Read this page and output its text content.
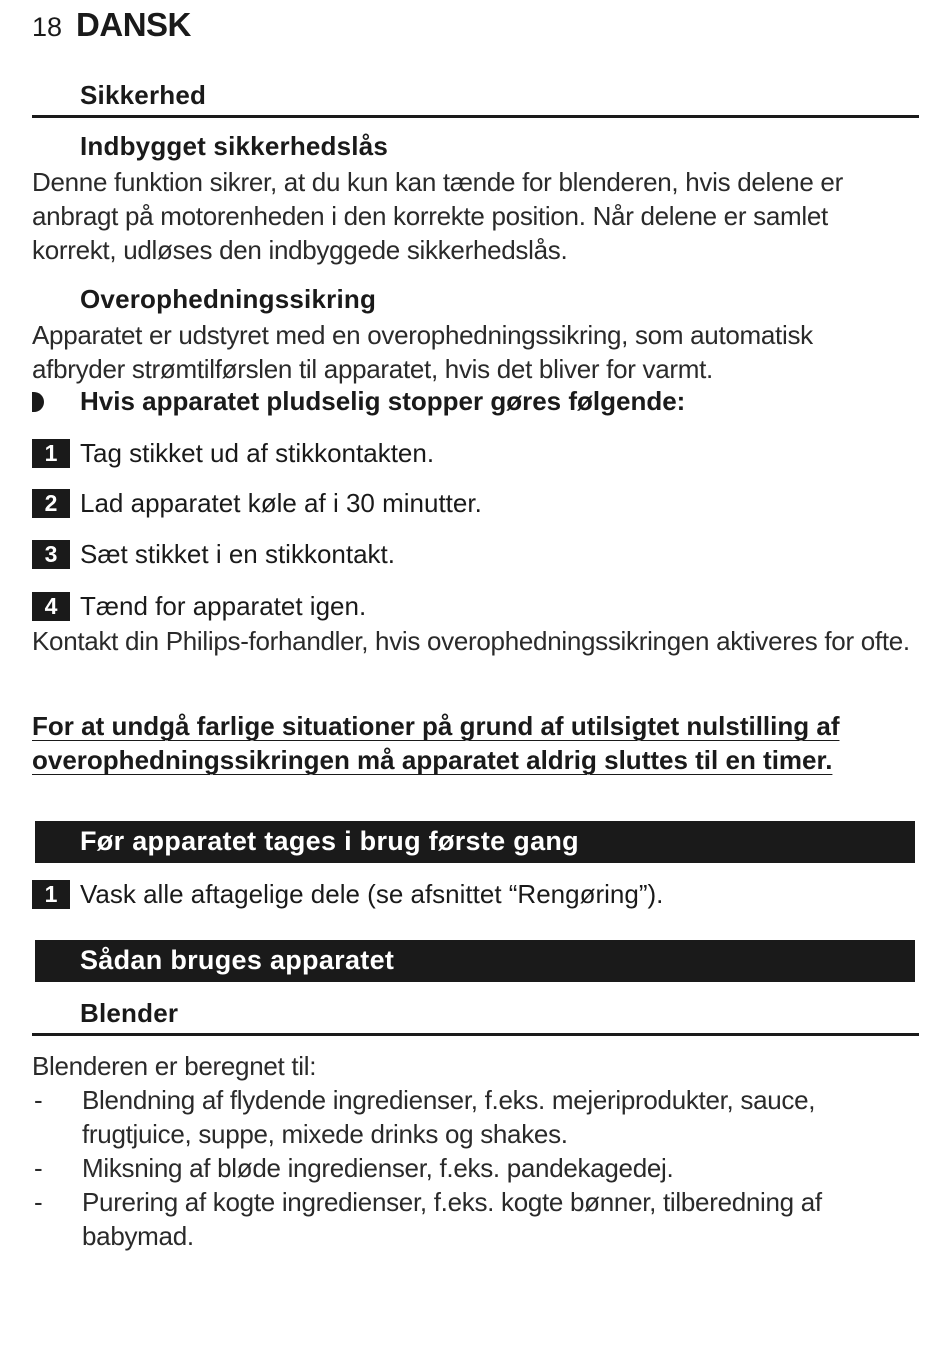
18 DANSK
Sikkerhed
Indbygget sikkerhedslås
Denne funktion sikrer, at du kun kan tænde for blenderen, hvis delene er anbragt på motorenheden i den korrekte position. Når delene er samlet korrekt, udløses den indbyggede sikkerhedslås.
Overophedningssikring
Apparatet er udstyret med en overophedningssikring, som automatisk afbryder strømtilførslen til apparatet, hvis det bliver for varmt.
Hvis apparatet pludselig stopper gøres følgende:
1 Tag stikket ud af stikkontakten.
2 Lad apparatet køle af i 30 minutter.
3 Sæt stikket i en stikkontakt.
4 Tænd for apparatet igen.
Kontakt din Philips-forhandler, hvis overophedningssikringen aktiveres for ofte.
For at undgå farlige situationer på grund af utilsigtet nulstilling af
overophedningssikringen må apparatet aldrig sluttes til en timer.
Før apparatet tages i brug første gang
1 Vask alle aftagelige dele (se afsnittet “Rengøring”).
Sådan bruges apparatet
Blender
Blenderen er beregnet til:
-	Blendning af flydende ingredienser, f.eks. mejeriprodukter, sauce, frugtjuice, suppe, mixede drinks og shakes.
-	Miksning af bløde ingredienser, f.eks. pandekagedej.
-	Purering af kogte ingredienser, f.eks. kogte bønner, tilberedning af babymad.
